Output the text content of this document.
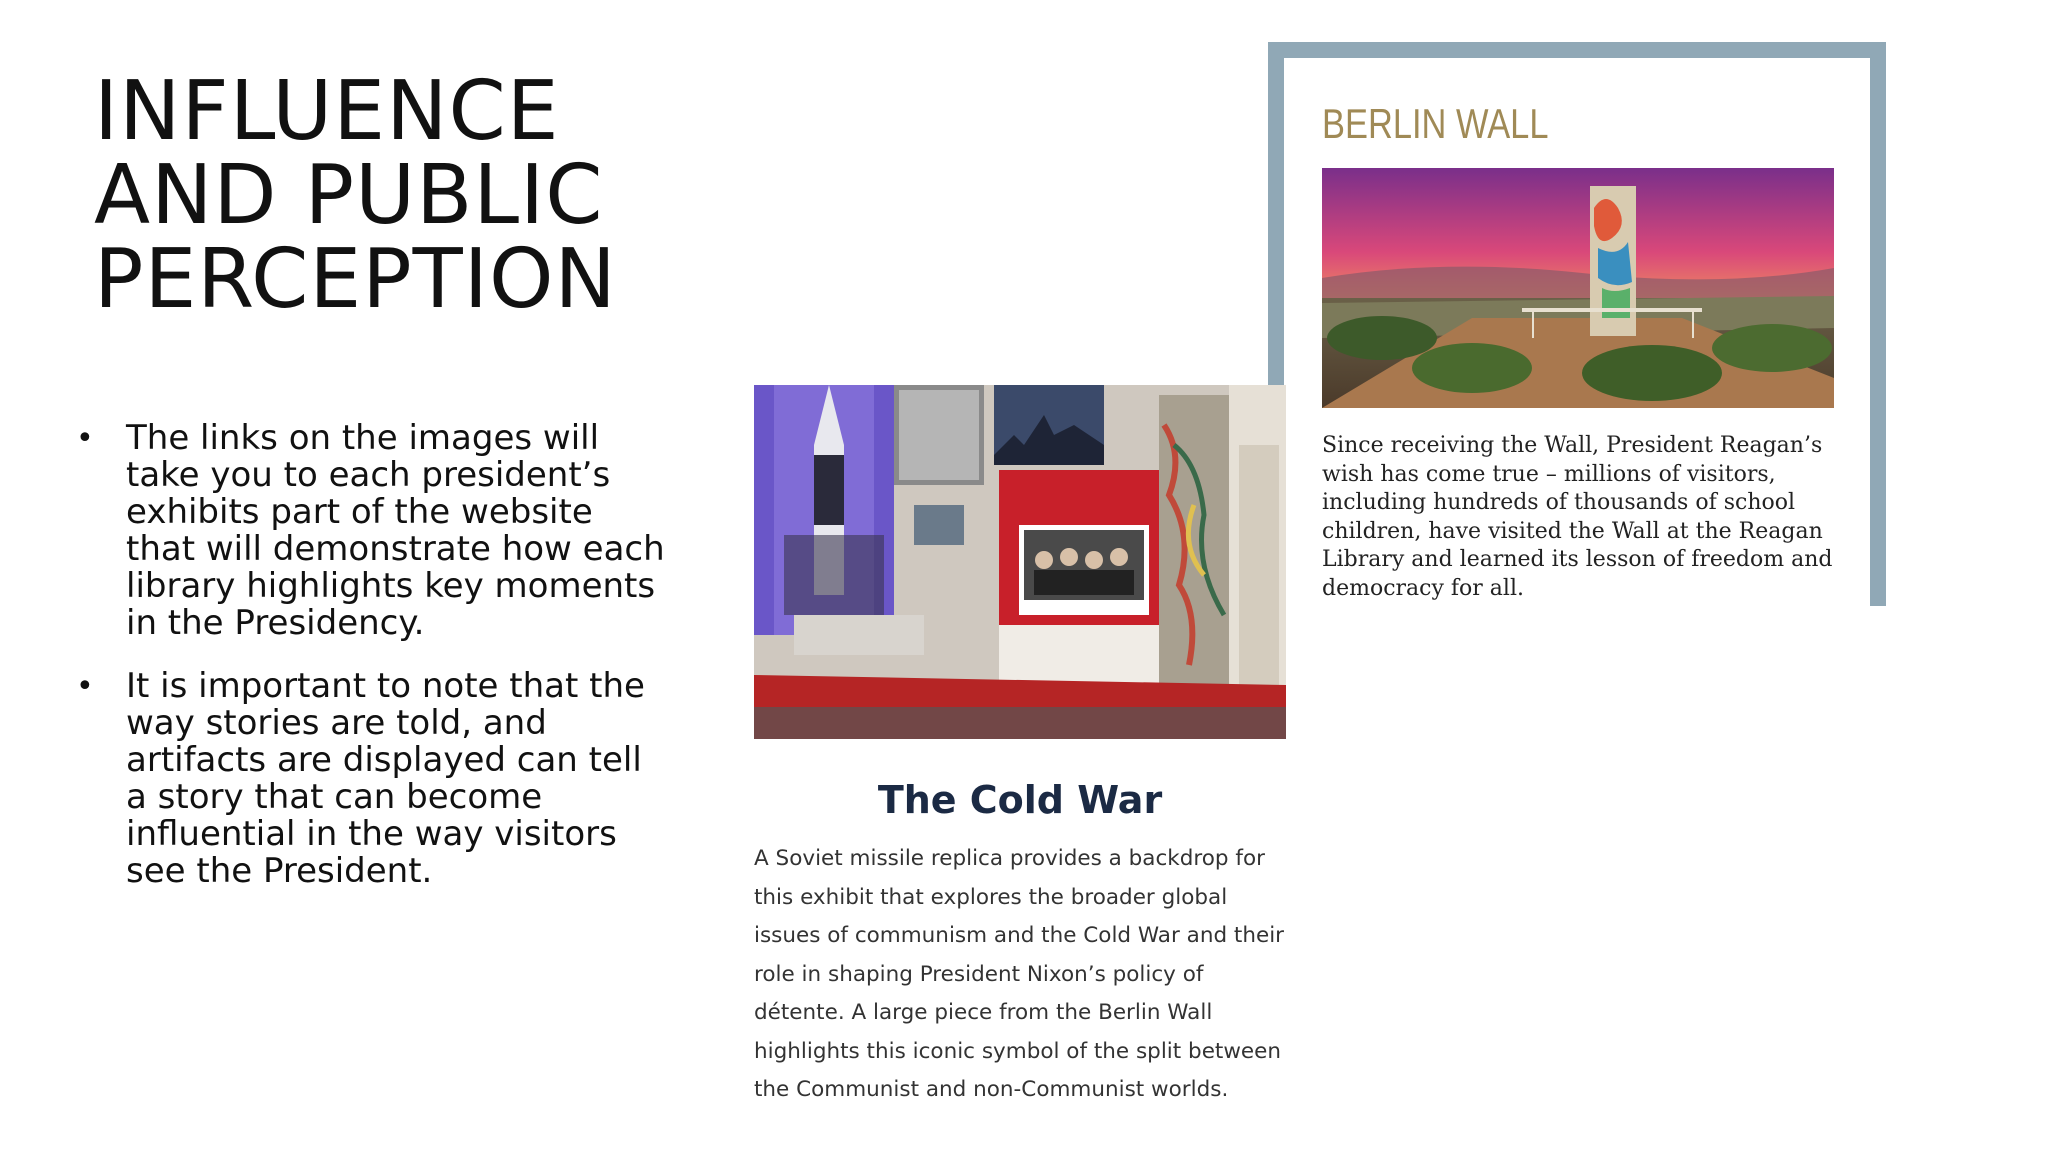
INFLUENCE AND PUBLIC PERCEPTION
• The links on the images will take you to each president’s exhibits part of the website that will demonstrate how each library highlights key moments in the Presidency.
• It is important to note that the way stories are told, and artifacts are displayed can tell a story that can become influential in the way visitors see the President.
BERLIN WALL
Since receiving the Wall, President Reagan’s wish has come true – millions of visitors, including hundreds of thousands of school children, have visited the Wall at the Reagan Library and learned its lesson of freedom and democracy for all.
The Cold War
A Soviet missile replica provides a backdrop for this exhibit that explores the broader global issues of communism and the Cold War and their role in shaping President Nixon’s policy of détente. A large piece from the Berlin Wall highlights this iconic symbol of the split between the Communist and non-Communist worlds.
